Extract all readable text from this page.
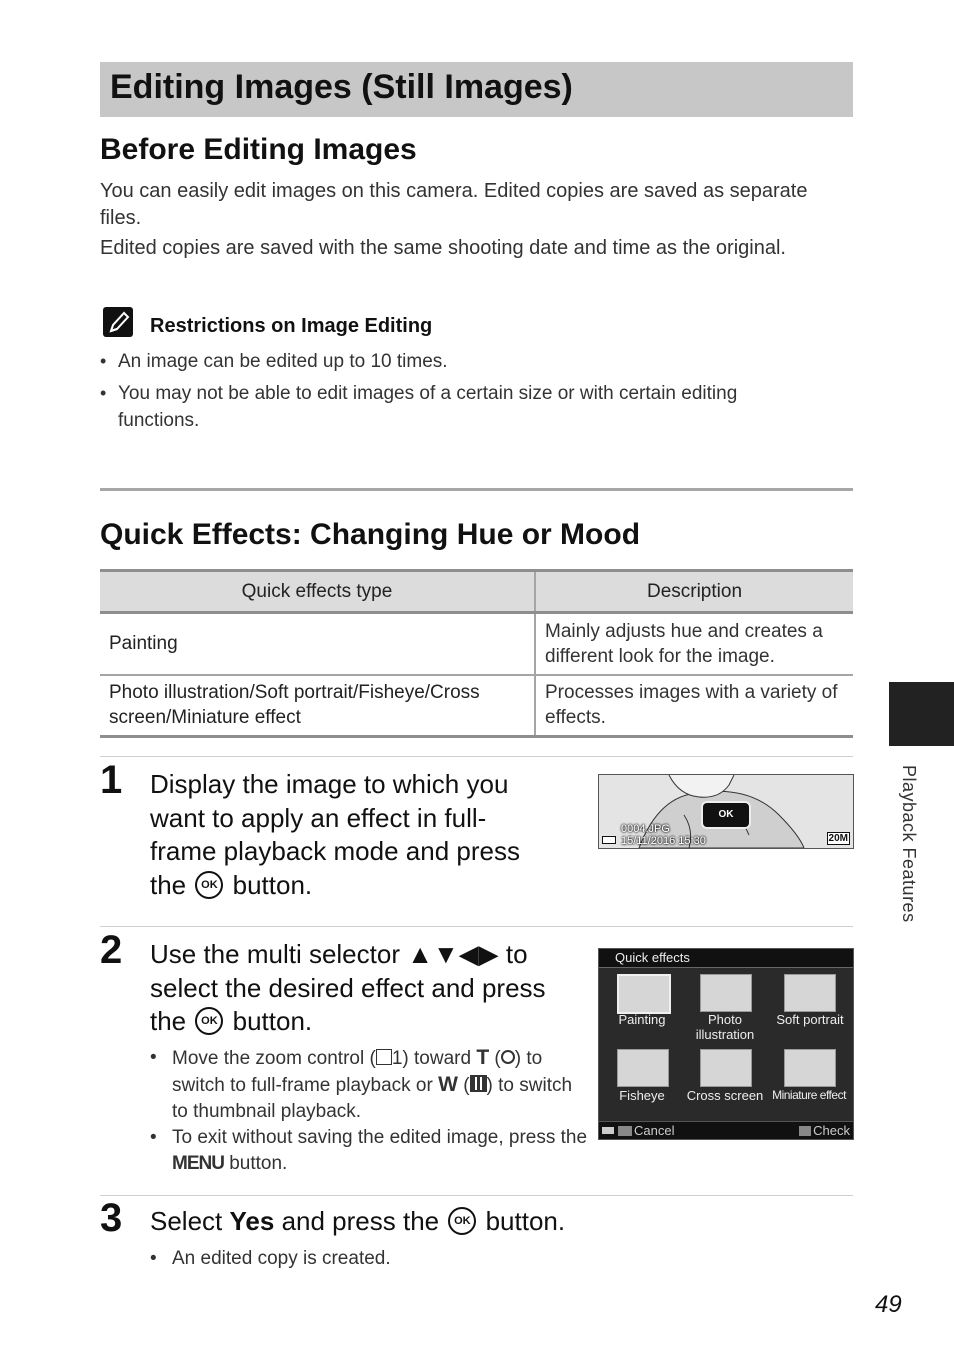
Editing Images (Still Images)
Before Editing Images
You can easily edit images on this camera. Edited copies are saved as separate files.
Edited copies are saved with the same shooting date and time as the original.
Restrictions on Image Editing
• An image can be edited up to 10 times.
• You may not be able to edit images of a certain size or with certain editing functions.
Quick Effects: Changing Hue or Mood
Quick effects type	Description
Painting	Mainly adjusts hue and creates a different look for the image.
Photo illustration/Soft portrait/Fisheye/Cross screen/Miniature effect	Processes images with a variety of effects.
1 Display the image to which you want to apply an effect in full-frame playback mode and press the OK button.
OK
0004.JPG
15/11/2016 15:30	20M
2 Use the multi selector ▲▼◀▶ to select the desired effect and press the OK button.
• Move the zoom control ( 1) toward T ( ) to switch to full-frame playback or W ( ) to switch to thumbnail playback.
• To exit without saving the edited image, press the MENU button.
Quick effects
Painting	Photo illustration
Soft portrait
Fisheye	Cross screen Miniature effect
Cancel	Check
3 Select Yes and press the OK button.
• An edited copy is created.
Playback Features
49
